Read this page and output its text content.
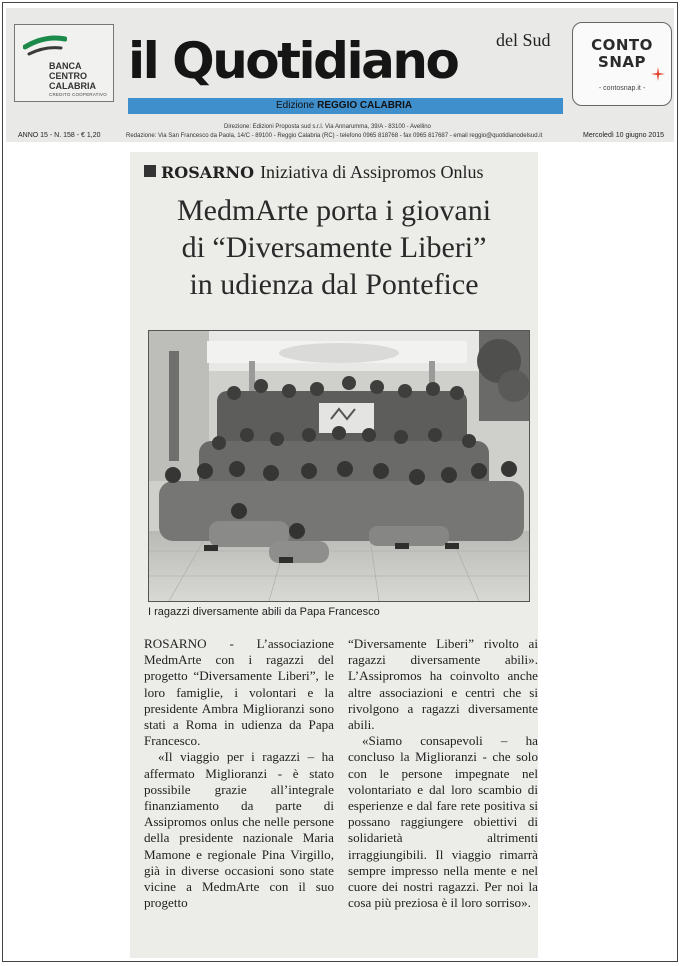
BANCA
CENTRO
CALABRIA
CREDITO COOPERATIVO
il Quotidiano del Sud
Edizione REGGIO CALABRIA
CONTO
SNAP
- contosnap.it -
ANNO 15 - N. 158 - € 1,20
Direzione: Edizioni Proposta sud s.r.l. Via Annarumma, 39/A - 83100 - Avellino
Redazione: Via San Francesco da Paola, 14/C - 89100 - Reggio Calabria (RC) - telefono 0965 818768 - fax 0965 817687 - email reggio@quotidianodelsud.it	Mercoledì 10 giugno 2015
ROSARNO Iniziativa di Assipromos Onlus
MedmArte porta i giovani
di “Diversamente Liberi”
in udienza dal Pontefice
I ragazzi diversamente abili da Papa Francesco

ROSARNO - L’associazione MedmArte con i ragazzi del progetto “Diversamente Liberi”, le loro famiglie, i volontari e la presidente Ambra Miglioranzi sono stati a Roma in udienza da Papa Francesco.

«Il viaggio per i ragazzi – ha affermato Miglioranzi - è stato possibile grazie all’integrale finanziamento da parte di Assipromos onlus che nelle persone della presidente nazionale Maria Mamone e regionale Pina Virgillo, già in diverse occasioni sono state vicine a MedmArte con il suo progetto

“Diversamente Liberi” rivolto ai ragazzi diversamente abili». L’Assipromos ha coinvolto anche altre associazioni e centri che si rivolgono a ragazzi diversamente abili.

«Siamo consapevoli – ha concluso la Miglioranzi - che solo con le persone impegnate nel volontariato e dal loro scambio di esperienze e dal fare rete positiva si possano raggiungere obiettivi di solidarietà altrimenti irraggiungibili. Il viaggio rimarrà sempre impresso nella mente e nel cuore dei nostri ragazzi. Per noi la cosa più preziosa è il loro sorriso».
